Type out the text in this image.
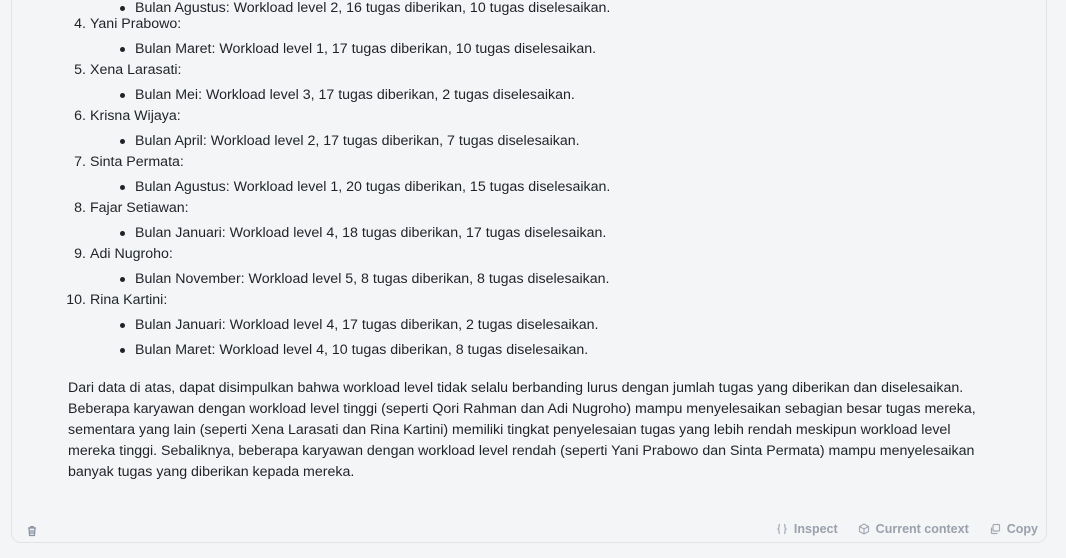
Bulan Agustus: Workload level 2, 16 tugas diberikan, 10 tugas diselesaikan.
4. Yani Prabowo:
Bulan Maret: Workload level 1, 17 tugas diberikan, 10 tugas diselesaikan.
5. Xena Larasati:
Bulan Mei: Workload level 3, 17 tugas diberikan, 2 tugas diselesaikan.
6. Krisna Wijaya:
Bulan April: Workload level 2, 17 tugas diberikan, 7 tugas diselesaikan.
7. Sinta Permata:
Bulan Agustus: Workload level 1, 20 tugas diberikan, 15 tugas diselesaikan.
8. Fajar Setiawan:
Bulan Januari: Workload level 4, 18 tugas diberikan, 17 tugas diselesaikan.
9. Adi Nugroho:
Bulan November: Workload level 5, 8 tugas diberikan, 8 tugas diselesaikan.
10. Rina Kartini:
Bulan Januari: Workload level 4, 17 tugas diberikan, 2 tugas diselesaikan.
Bulan Maret: Workload level 4, 10 tugas diberikan, 8 tugas diselesaikan.

Dari data di atas, dapat disimpulkan bahwa workload level tidak selalu berbanding lurus dengan jumlah tugas yang diberikan dan diselesaikan.

Beberapa karyawan dengan workload level tinggi (seperti Qori Rahman dan Adi Nugroho) mampu menyelesaikan sebagian besar tugas mereka,

sementara yang lain (seperti Xena Larasati dan Rina Kartini) memiliki tingkat penyelesaian tugas yang lebih rendah meskipun workload level

mereka tinggi. Sebaliknya, beberapa karyawan dengan workload level rendah (seperti Yani Prabowo dan Sinta Permata) mampu menyelesaikan

banyak tugas yang diberikan kepada mereka.

Inspect	Current context	Copy
